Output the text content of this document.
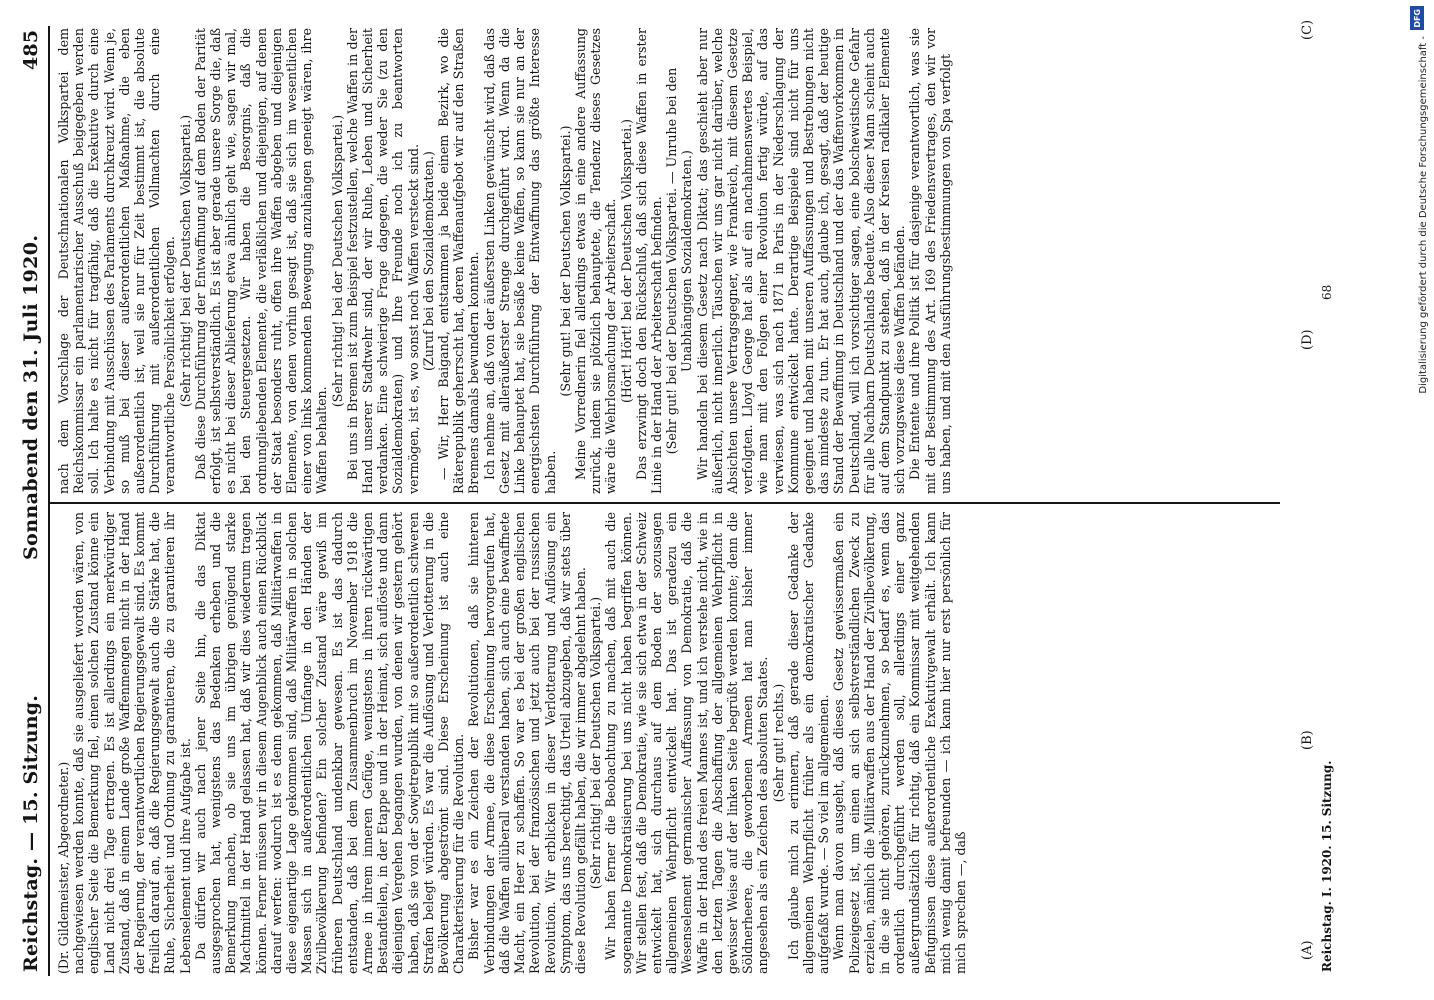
Reichstag. — 15. Sitzung.
Sonnabend den 31. Juli 1920.
485
(A)
(B)
(C)
(D)

(Dr. Gildemeister, Abgeordneter.) nachgewiesen werden konnte, daß sie ausgeliefert worden wären, von englischer Seite die Bemerkung fiel, einen solchen Zustand könne ein Land nicht drei Tage ertragen. Es ist allerdings ein merkwürdiger Zustand, daß in einem Lande große Waffenmengen nicht in der Hand der Regierung, der verantwortlichen Regierungsgewalt sind. Es kommt freilich darauf an, daß die Regierungsgewalt auch die Stärke hat, die Ruhe, Sicherheit und Ordnung zu garantieren, die zu garantieren ihr Lebenselement und ihre Aufgabe ist. Da dürfen wir auch nach jener Seite hin, die das Diktat ausgesprochen hat, wenigstens das Bedenken erheben und die Bemerkung machen, ob sie uns im übrigen genügend starke Machtmittel in der Hand gelassen hat, daß wir dies wiederum tragen können. Ferner müssen wir in diesem Augenblick auch einen Rückblick darauf werfen: wodurch ist es denn gekommen, daß Militärwaffen in diese eigenartige Lage gekommen sind, daß Militärwaffen in solchen Massen sich in außerordentlichen Umfange in den Händen der Zivilbevölkerung befinden? Ein solcher Zustand wäre gewiß im früheren Deutschland undenkbar gewesen. Es ist das dadurch entstanden, daß bei dem Zusammenbruch im November 1918 die Armee in ihrem inneren Gefüge, wenigstens in ihren rückwärtigen Bestandteilen, in der Etappe und in der Heimat, sich auflöste und dann diejenigen Vergehen begangen wurden, von denen wir gestern gehört haben, daß sie von der Sowjetrepublik mit so außerordentlich schweren Strafen belegt würden. Es war die Auflösung und Verlotterung in die Bevölkerung abgeströmt sind. Diese Erscheinung ist auch eine Charakterisierung für die Revolution. Bisher war es ein Zeichen der Revolutionen, daß sie hinteren Verbindungen der Armee, die diese Erscheinung hervorgerufen hat, daß die Waffen allüberall verstanden haben, sich auch eine bewaffnete Macht, ein Heer zu schaffen. So war es bei der großen englischen Revolution, bei der französischen und jetzt auch bei der russischen Revolution. Wir erblicken in dieser Verlotterung und Auflösung ein Symptom, das uns berechtigt, das Urteil abzugeben, daß wir stets über diese Revolution gefällt haben, die wir immer abgelehnt haben. (Sehr richtig! bei der Deutschen Volkspartei.) Wir haben ferner die Beobachtung zu machen, daß mit auch die sogenannte Demokratisierung bei uns nicht haben begriffen können. Wir stellen fest, daß die Demokratie, wie sie sich etwa in der Schweiz entwickelt hat, sich durchaus auf dem Boden der sozusagen allgemeinen Wehrpflicht entwickelt hat. Das ist geradezu ein Wesenselement germanischer Auffassung von Demokratie, daß die Waffe in der Hand des freien Mannes ist, und ich verstehe nicht, wie in den letzten Tagen die Abschaffung der allgemeinen Wehrpflicht in gewisser Weise auf der linken Seite begrüßt werden konnte; denn die Söldnerheere, die geworbenen Armeen hat man bisher immer angesehen als ein Zeichen des absoluten Staates. (Sehr gut! rechts.) Ich glaube mich zu erinnern, daß gerade dieser Gedanke der allgemeinen Wehrpflicht früher als ein demokratischer Gedanke aufgefaßt wurde. — So viel im allgemeinen. Wenn man davon ausgeht, daß dieses Gesetz gewissermaßen ein Polizeigesetz ist, um einen an sich selbstverständlichen Zweck zu erzielen, nämlich die Militärwaffen aus der Hand der Zivilbevölkerung, in die sie nicht gehören, zurückzunehmen, so bedarf es, wenn das ordentlich durchgeführt werden soll, allerdings einer ganz außergrundsätzlich für richtig, daß ein Kommissar mit weitgehenden Befugnissen diese außerordentliche Exekutivgewalt erhält. Ich kann mich wenig damit befreunden — ich kann hier nur erst persönlich für mich sprechen —, daß

nach dem Vorschlage der Deutschnationalen Volkspartei dem Reichskommissar ein parlamentarischer Ausschuß beigegeben werden soll. Ich halte es nicht für tragfähig, daß die Exekutive durch eine Verbindung mit Ausschüssen des Parlaments durchkreuzt wird. Wenn je, so muß bei dieser außerordentlichen Maßnahme, die eben außerordentlich ist, weil sie nur für Zeit bestimmt ist, die absolute Durchführung mit außerordentlichen Vollmachten durch eine verantwortliche Persönlichkeit erfolgen. (Sehr richtig! bei der Deutschen Volkspartei.) Daß diese Durchführung der Entwaffnung auf dem Boden der Parität erfolgt, ist selbstverständlich. Es ist aber gerade unsere Sorge die, daß es nicht bei dieser Ablieferung etwa ähnlich geht wie, sagen wir mal, bei den Steuergesetzen. Wir haben die Besorgnis, daß die ordnungliebenden Elemente, die verläßlichen und diejenigen, auf denen der Staat besonders ruht, offen ihre Waffen abgeben und diejenigen Elemente, von denen vorhin gesagt ist, daß sie sich im wesentlichen einer von links kommenden Bewegung anzuhängen geneigt wären, ihre Waffen behalten.

(Sehr richtig! bei der Deutschen Volkspartei.) Bei uns in Bremen ist zum Beispiel festzustellen, welche Waffen in der Hand unserer Stadtwehr sind, der wir Ruhe, Leben und Sicherheit verdanken. Eine schwierige Frage dagegen, die weder Sie (zu den Sozialdemokraten) und Ihre Freunde noch ich zu beantworten vermögen, ist es, wo sonst noch Waffen versteckt sind. (Zuruf bei den Sozialdemokraten.) — Wir, Herr Baigand, entstammen ja beide einem Bezirk, wo die Räterepublik geherrscht hat, deren Waffenaufgebot wir auf den Straßen Bremens damals bewundern konnten. Ich nehme an, daß von der äußersten Linken gewünscht wird, daß das Gesetz mit alleräußerster Strenge durchgeführt wird. Wenn da die Linke behauptet hat, sie besäße keine Waffen, so kann sie nur an der energischsten Durchführung der Entwaffnung das größte Interesse haben.

(Sehr gut! bei der Deutschen Volkspartei.) Meine Vorrednerin fiel allerdings etwas in eine andere Auffassung zurück, indem sie plötzlich behauptete, die Tendenz dieses Gesetzes wäre die Wehrlosmachung der Arbeiterschaft. (Hört! Hört! bei der Deutschen Volkspartei.) Das erzwingt doch den Rückschluß, daß sich diese Waffen in erster Linie in der Hand der Arbeiterschaft befinden. (Sehr gut! bei der Deutschen Volkspartei. — Unruhe bei den Unabhängigen Sozialdemokraten.) Wir handeln bei diesem Gesetz nach Diktat; das geschieht aber nur äußerlich, nicht innerlich. Täuschen wir uns gar nicht darüber, welche Absichten unsere Vertragsgegner, wie Frankreich, mit diesem Gesetze verfolgten. Lloyd George hat als auf ein nachahmenswertes Beispiel, wie man mit den Folgen einer Revolution fertig würde, auf das verwiesen, was sich nach 1871 in Paris in der Niederschlagung der Kommune entwickelt hatte. Derartige Beispiele sind nicht für uns geeignet und haben mit unseren Auffassungen und Bestrebungen nicht das mindeste zu tun. Er hat auch, glaube ich, gesagt, daß der heutige Stand der Bewaffnung in Deutschland und der das Waffenvorkommen in Deutschland, will ich vorsichtiger sagen, eine bolschewistische Gefahr für alle Nachbarn Deutschlands bedeute. Also dieser Mann scheint auch auf dem Standpunkt zu stehen, daß in der Kreisen radikaler Elemente sich vorzugsweise diese Waffen befänden. Die Entente und ihre Politik ist für dasjenige verantwortlich, was sie mit der Bestimmung des Art. 169 des Friedensvertrages, den wir vor uns haben, und mit den Ausführungsbestimmungen von Spa verfolgt

Reichstag. I. 1920. 15. Sitzung.
68
DFG
Digitalisierung gefördert durch die Deutsche Forschungsgemeinschaft -
